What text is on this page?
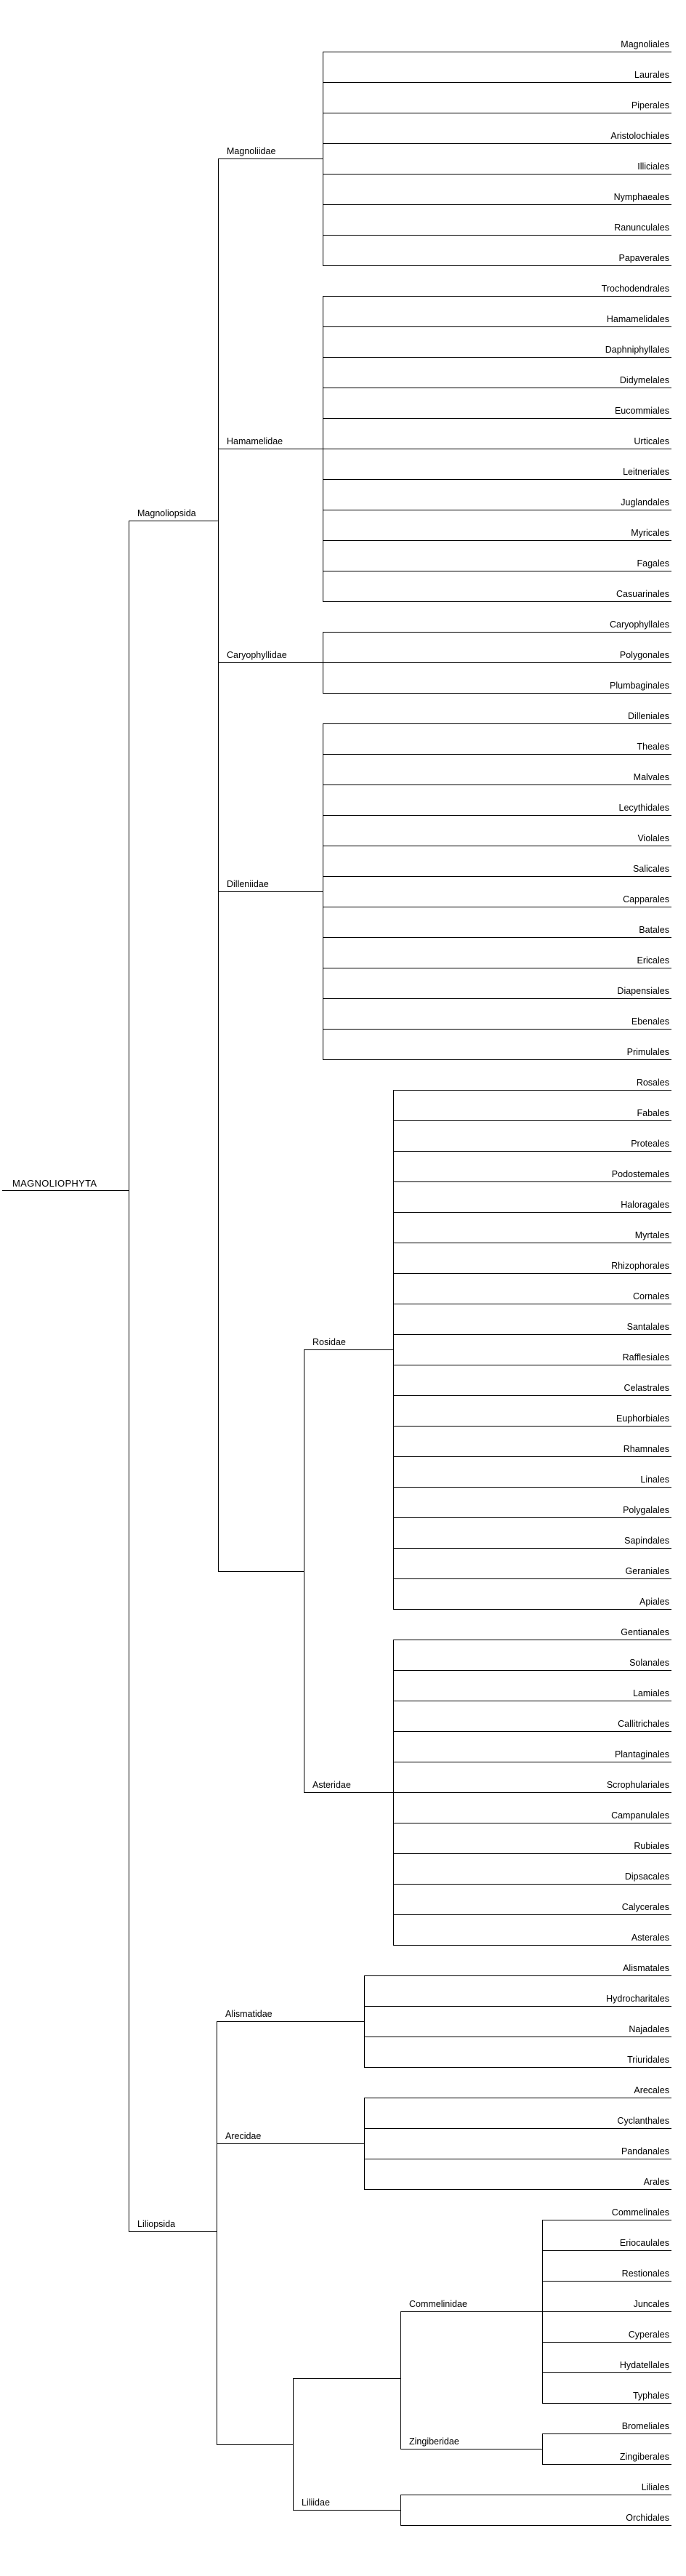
MAGNOLIOPHYTA
Magnoliales
Laurales
Piperales
Aristolochiales
Illiciales
Nymphaeales
Ranunculales
Papaverales
Magnoliidae
Trochodendrales
Hamamelidales
Daphniphyllales
Didymelales
Eucommiales
Urticales
Leitneriales
Juglandales
Myricales
Fagales
Casuarinales
Hamamelidae
Caryophyllales
Polygonales
Plumbaginales
Caryophyllidae
Dilleniales
Theales
Malvales
Lecythidales
Violales
Salicales
Capparales
Batales
Ericales
Diapensiales
Ebenales
Primulales
Dilleniidae
Rosales
Fabales
Proteales
Podostemales
Haloragales
Myrtales
Rhizophorales
Cornales
Santalales
Rafflesiales
Celastrales
Euphorbiales
Rhamnales
Linales
Polygalales
Sapindales
Geraniales
Apiales
Rosidae
Gentianales
Solanales
Lamiales
Callitrichales
Plantaginales
Scrophulariales
Campanulales
Rubiales
Dipsacales
Calycerales
Asterales
Asteridae
Alismatales
Hydrocharitales
Najadales
Triuridales
Alismatidae
Arecales
Cyclanthales
Pandanales
Arales
Arecidae
Commelinales
Eriocaulales
Restionales
Juncales
Cyperales
Hydatellales
Typhales
Commelinidae
Bromeliales
Zingiberales
Zingiberidae
Liliales
Orchidales
Liliidae
Magnoliopsida
Liliopsida
